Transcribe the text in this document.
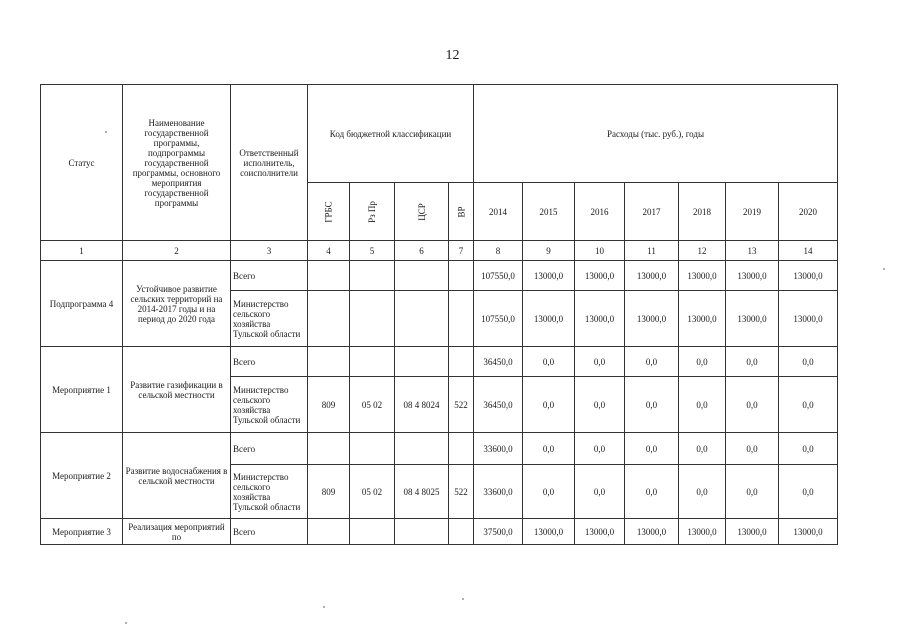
12
Статус	Наименование государственной программы, подпрограммы государственной программы, основного мероприятия государственной программы	Ответственный исполнитель, соисполнители	Код бюджетной классификации				Расходы (тыс. руб.), годы						
			ГРБС	Рз Пр	ЦСР	ВР	2014	2015	2016	2017	2018	2019	2020
1	2	3	4	5	6	7	8	9	10	11	12	13	14
Подпрограмма 4	Устойчивое развитие сельских территорий на 2014-2017 годы и на период до 2020 года	Всего					107550,0	13000,0	13000,0	13000,0	13000,0	13000,0	13000,0
		Министерство сельского хозяйства Тульской области					107550,0	13000,0	13000,0	13000,0	13000,0	13000,0	13000,0
Мероприятие 1	Развитие газификации в сельской местности	Всего					36450,0	0,0	0,0	0,0	0,0	0,0	0,0
		Министерство сельского хозяйства Тульской области	809	05 02	08 4 8024	522	36450,0	0,0	0,0	0,0	0,0	0,0	0,0
Мероприятие 2	Развитие водоснабжения в сельской местности	Всего					33600,0	0,0	0,0	0,0	0,0	0,0	0,0
		Министерство сельского хозяйства Тульской области	809	05 02	08 4 8025	522	33600,0	0,0	0,0	0,0	0,0	0,0	0,0
Мероприятие 3	Реализация мероприятий по	Всего					37500,0	13000,0	13000,0	13000,0	13000,0	13000,0	13000,0
